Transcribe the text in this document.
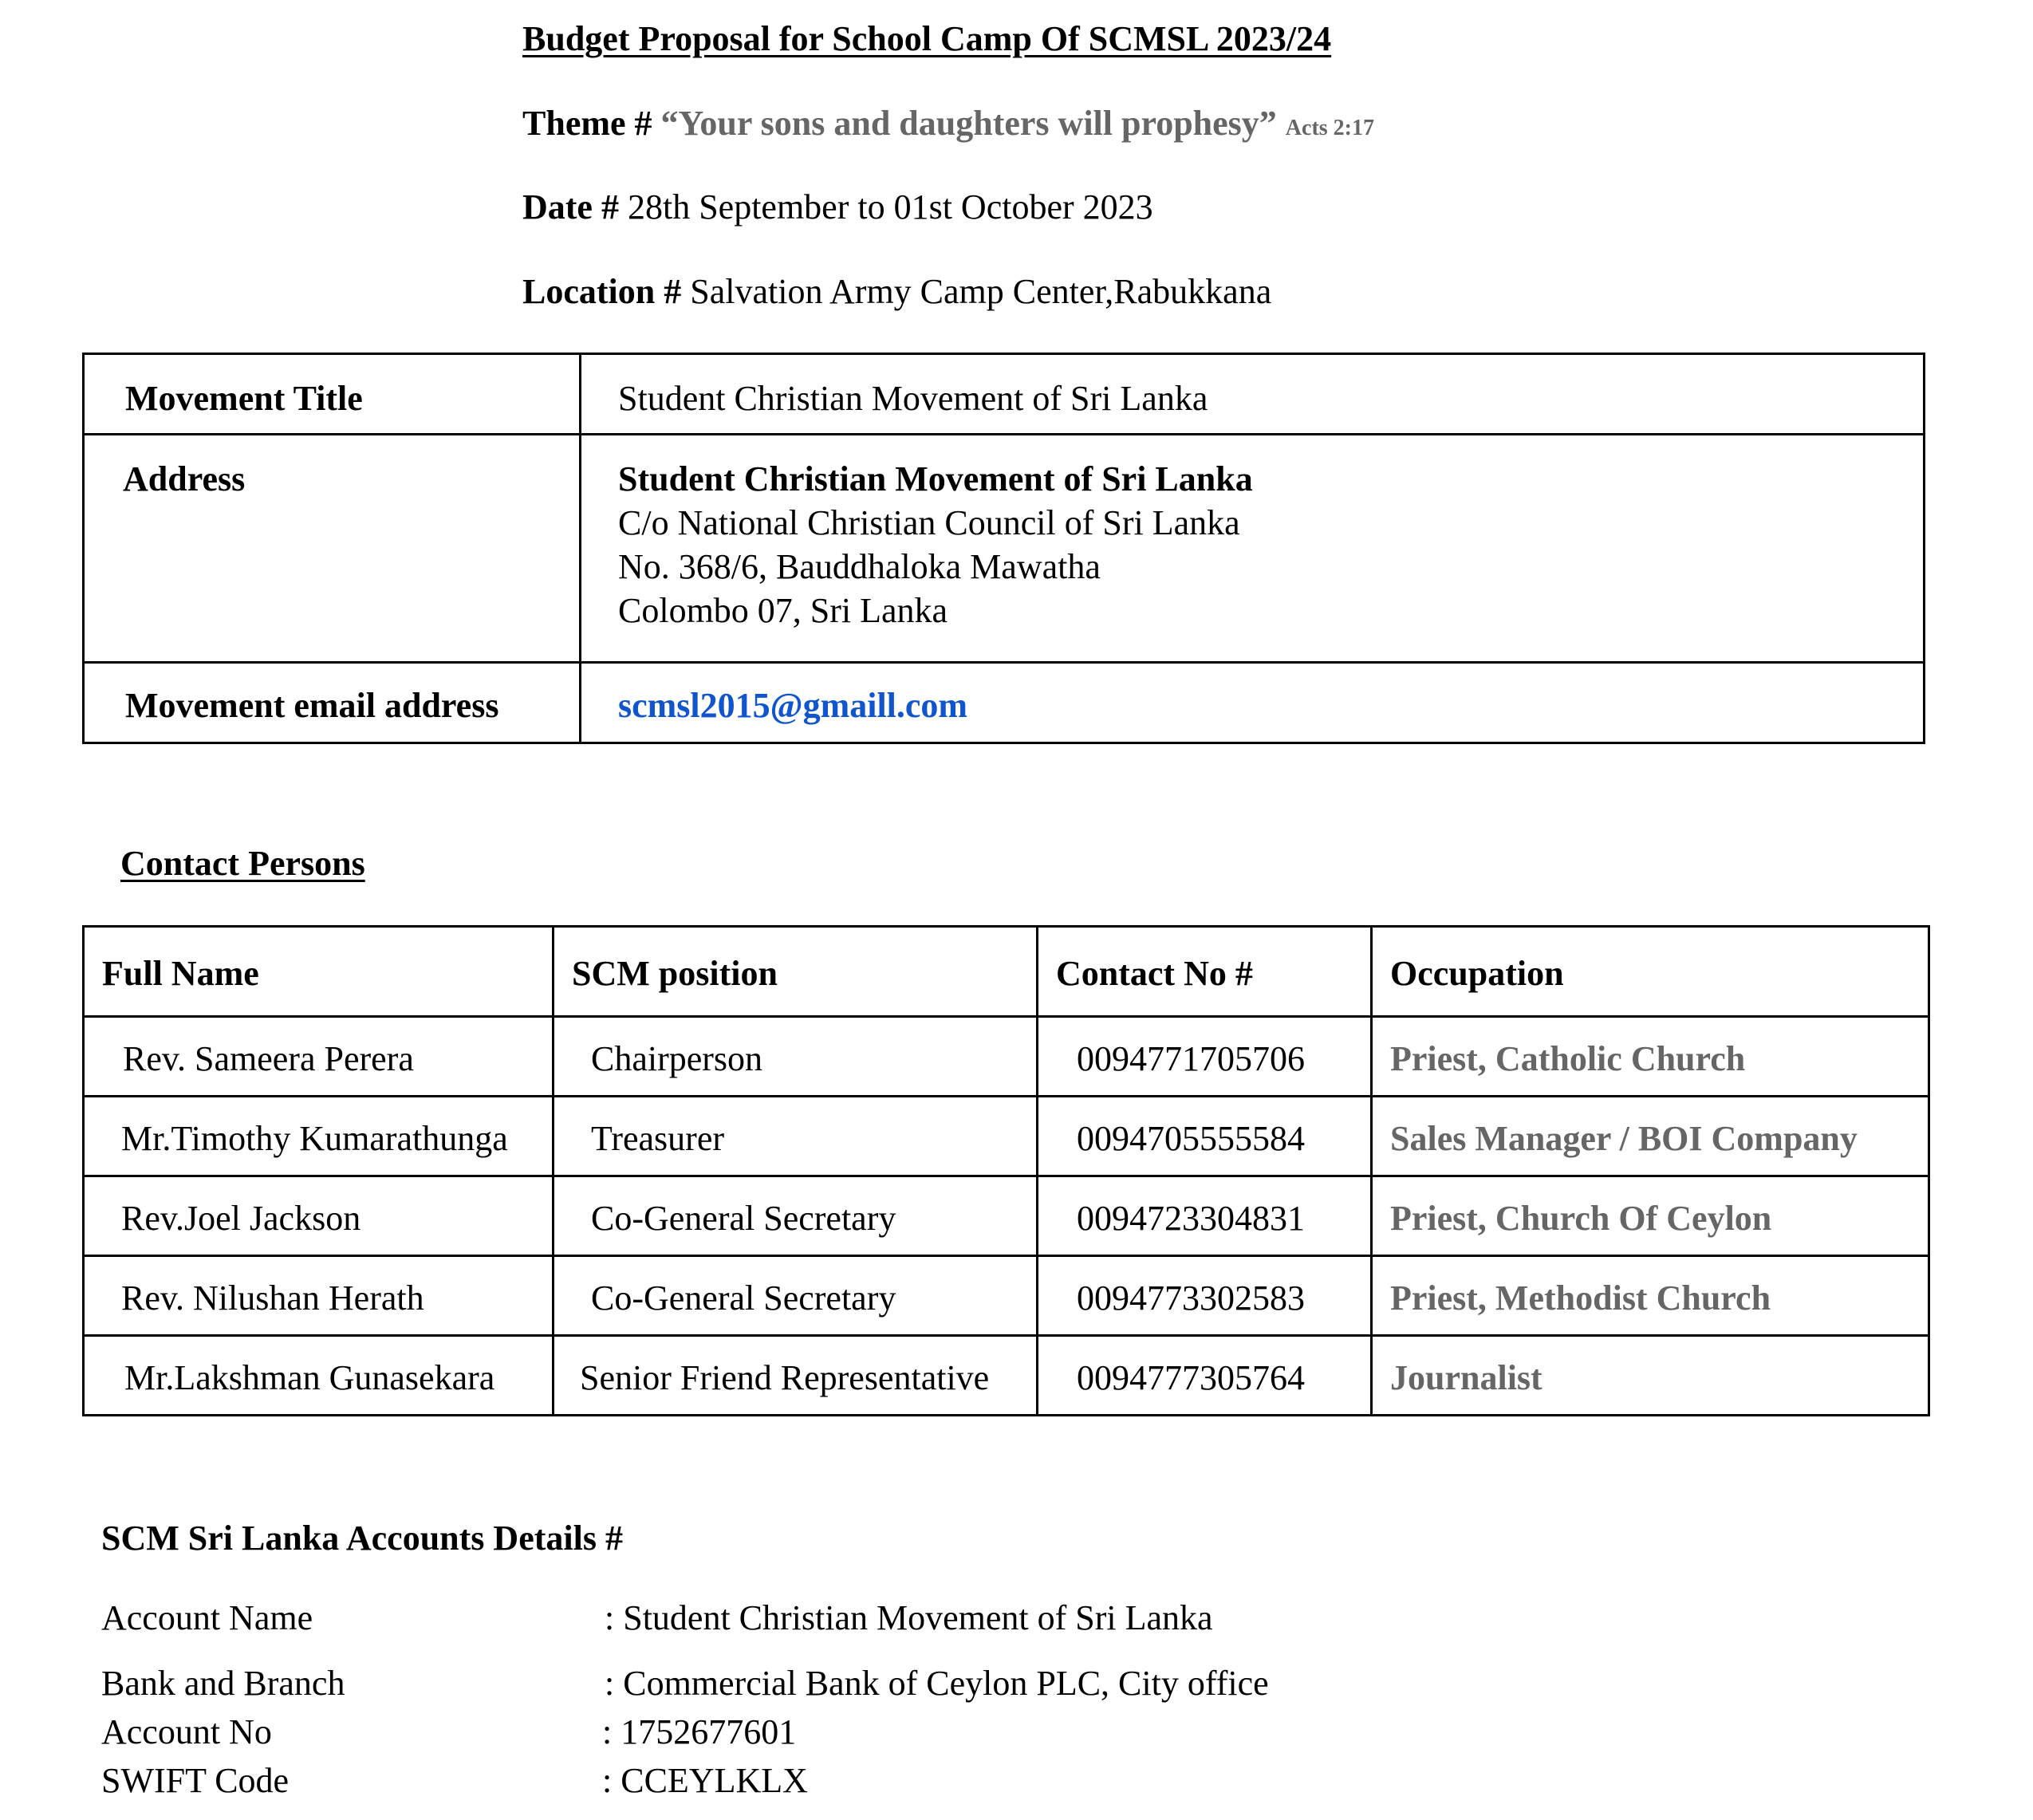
Budget Proposal for School Camp Of SCMSL 2023/24
Theme # “Your sons and daughters will prophesy” Acts 2:17
Date # 28th September to 01st October 2023
Location # Salvation Army Camp Center,Rabukkana
Movement Title	Student Christian Movement of Sri Lanka

Address	Student Christian Movement of Sri Lanka
C/o National Christian Council of Sri Lanka
No. 368/6, Bauddhaloka Mawatha
Colombo 07, Sri Lanka

Movement email address	scmsl2015@gmaill.com
Contact Persons
Full Name	SCM position	Contact No #	Occupation

Rev. Sameera Perera	Chairperson	0094771705706	Priest, Catholic Church

Mr.Timothy Kumarathunga	Treasurer	0094705555584	Sales Manager / BOI Company

Rev.Joel Jackson	Co-General Secretary	0094723304831	Priest, Church Of Ceylon

Rev. Nilushan Herath	Co-General Secretary	0094773302583	Priest, Methodist Church

Mr.Lakshman Gunasekara	Senior Friend Representative	0094777305764	Journalist
SCM Sri Lanka Accounts Details #
Account Name	: Student Christian Movement of Sri Lanka
Bank and Branch	: Commercial Bank of Ceylon PLC, City office
Account No	: 1752677601
SWIFT Code	: CCEYLKLX
